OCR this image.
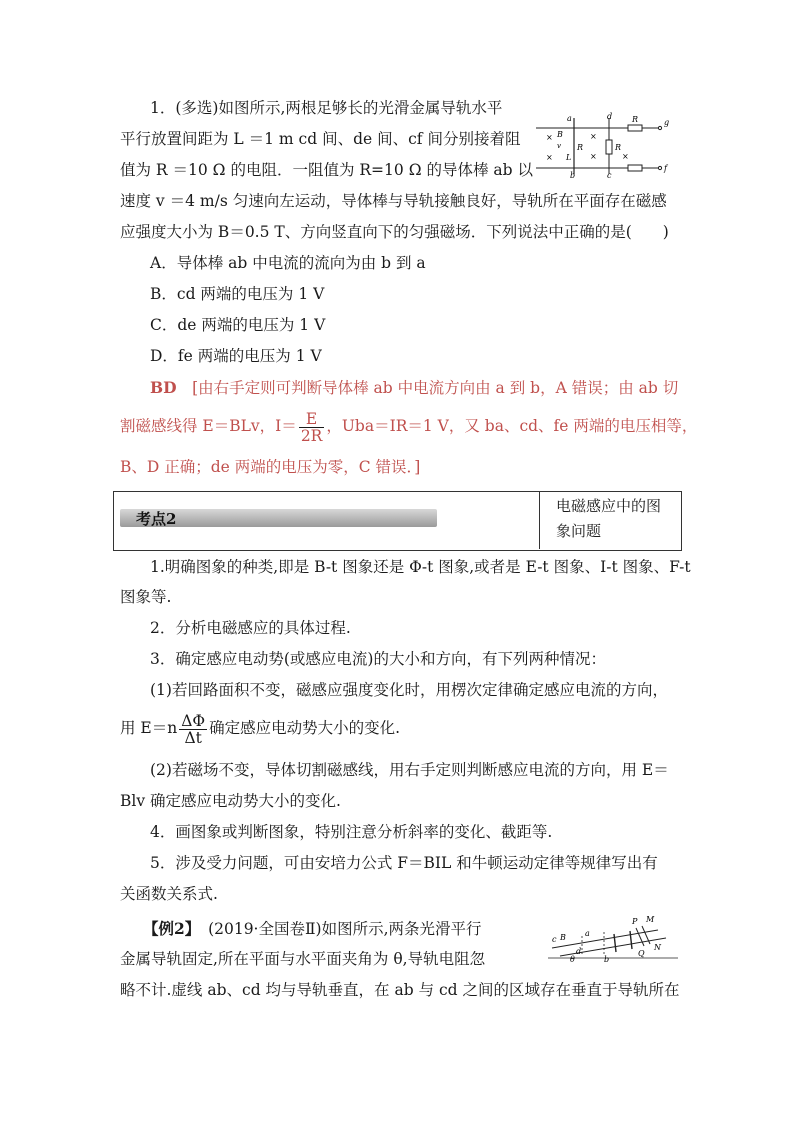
1．(多选)如图所示,两根足够长的光滑金属导轨水平
平行放置间距为 L ＝1 m cd 间、de 间、cf 间分别接着阻
值为 R ＝10 Ω 的电阻．一阻值为 R=10 Ω 的导体棒 ab 以
速度 v ＝4 m/s 匀速向左运动，导体棒与导轨接触良好，导轨所在平面存在磁感
应强度大小为 B＝0.5 T、方向竖直向下的匀强磁场．下列说法中正确的是(　　)
a	d
g
B
×	×
×
v R
R
R
L
×	×
b	c
f
A．导体棒 ab 中电流的流向为由 b 到 a
B．cd 两端的电压为 1 V
C．de 两端的电压为 1 V
D．fe 两端的电压为 1 V
BD　 [由右手定则可判断导体棒 ab 中电流方向由 a 到 b，A 错误；由 ab 切
割磁感线得 E＝BLv，$I= \frac{E}{2R}$ ，Uba＝IR＝1 V，又 ba、cd、fe 两端的电压相等，
B、D 正确；de 两端的电压为零，C 错误．]
考点2
电磁感应中的图
象问题
1.明确图象的种类,即是 B-t 图象还是 Φ-t 图象,或者是 E-t 图象、I-t 图象、F-t
图象等.
2．分析电磁感应的具体过程.
3．确定感应电动势(或感应电流)的大小和方向，有下列两种情况：
(1)若回路面积不变，磁感应强度变化时，用楞次定律确定感应电流的方向，
用 $E=n \frac{\Delta\Phi}{\Delta t}$ 确定感应电动势大小的变化.
(2)若磁场不变，导体切割磁感线，用右手定则判断感应电流的方向，用 E＝
Blv 确定感应电动势大小的变化.
4．画图象或判断图象，特别注意分析斜率的变化、截距等.
5．涉及受力问题，可由安培力公式 F＝BIL 和牛顿运动定律等规律写出有
关函数关系式.
【例2】　 (2019·全国卷Ⅱ)如图所示,两条光滑平行
金属导轨固定,所在平面与水平面夹角为 θ,导轨电阻忽
略不计.虚线 ab、cd 均与导轨垂直，在 ab 与 cd 之间的区域存在垂直于导轨所在
c B a
d
θ	b
P M
Q
N
